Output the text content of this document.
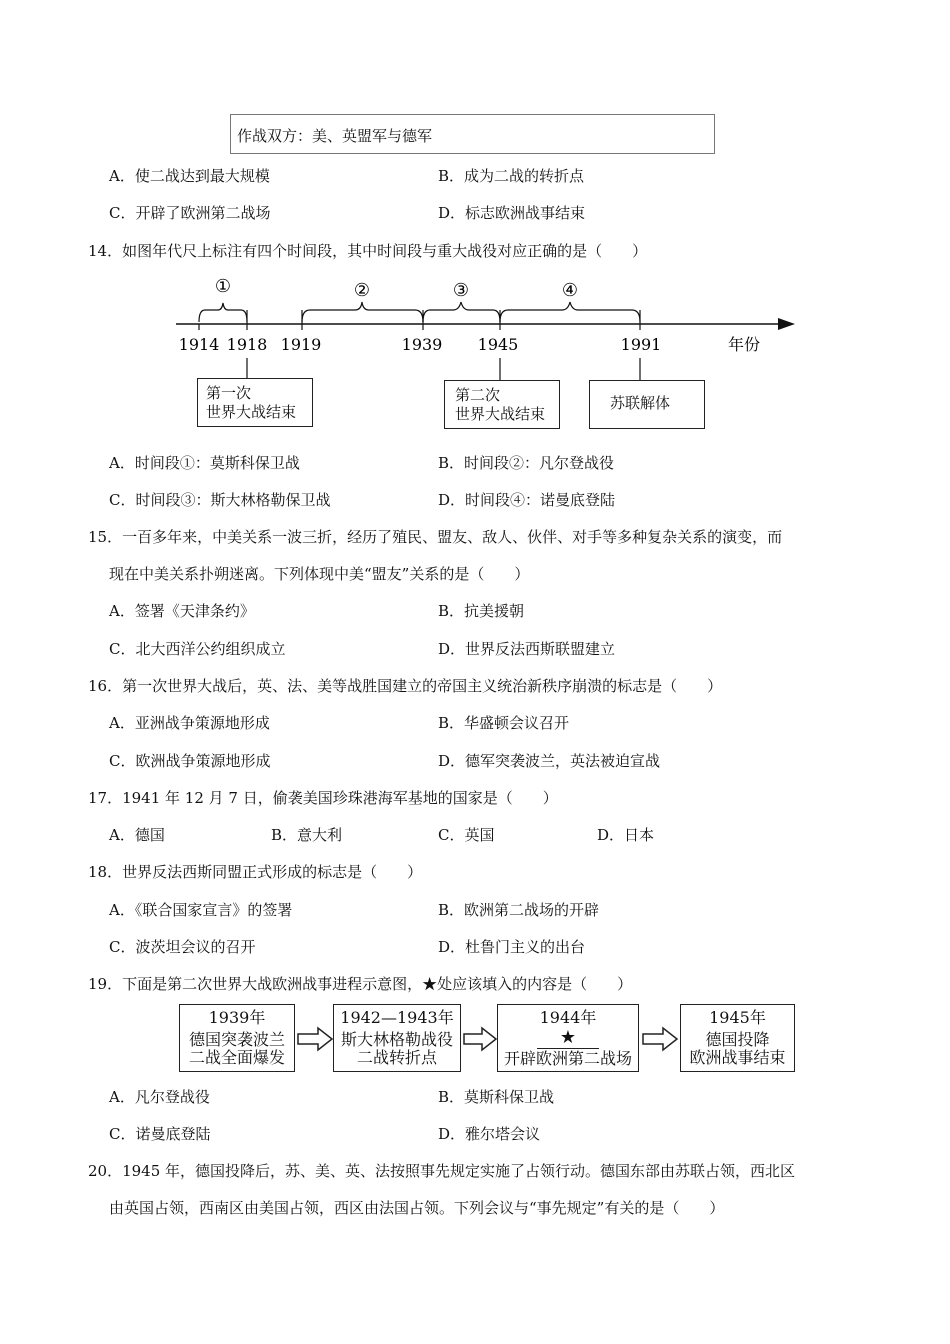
作战双方：美、英盟军与德军
A．使二战达到最大规模	B．成为二战的转折点
C．开辟了欧洲第二战场	D．标志欧洲战事结束
14．如图年代尺上标注有四个时间段，其中时间段与重大战役对应正确的是（　　）
①	②	③	④
1914 1918 1919	1939 1945	1991	年份
第一次
世界大战结束
第二次
世界大战结束
苏联解体
A．时间段①：莫斯科保卫战	B．时间段②：凡尔登战役
C．时间段③：斯大林格勒保卫战	D．时间段④：诺曼底登陆
15．一百多年来，中美关系一波三折，经历了殖民、盟友、敌人、伙伴、对手等多种复杂关系的演变，而
现在中美关系扑朔迷离。下列体现中美“盟友”关系的是（　　）
A．签署《天津条约》	B．抗美援朝
C．北大西洋公约组织成立	D．世界反法西斯联盟建立
16．第一次世界大战后，英、法、美等战胜国建立的帝国主义统治新秩序崩溃的标志是（　　）
A．亚洲战争策源地形成	B．华盛顿会议召开
C．欧洲战争策源地形成	D．德军突袭波兰，英法被迫宣战
17．1941 年 12 月 7 日，偷袭美国珍珠港海军基地的国家是（　　）
A．德国	B．意大利	C．英国	D．日本
18．世界反法西斯同盟正式形成的标志是（　　）
A．《联合国家宣言》的签署	B．欧洲第二战场的开辟
C．波茨坦会议的召开	D．杜鲁门主义的出台
19．下面是第二次世界大战欧洲战事进程示意图，★处应该填入的内容是（　　）
1939年
德国突袭波兰
二战全面爆发
1942—1943年
斯大林格勒战役
二战转折点
1944年
★
开辟欧洲第二战场
1945年
德国投降
欧洲战事结束
A．凡尔登战役	B．莫斯科保卫战
C．诺曼底登陆	D．雅尔塔会议
20．1945 年，德国投降后，苏、美、英、法按照事先规定实施了占领行动。德国东部由苏联占领，西北区
由英国占领，西南区由美国占领，西区由法国占领。下列会议与“事先规定”有关的是（　　）
